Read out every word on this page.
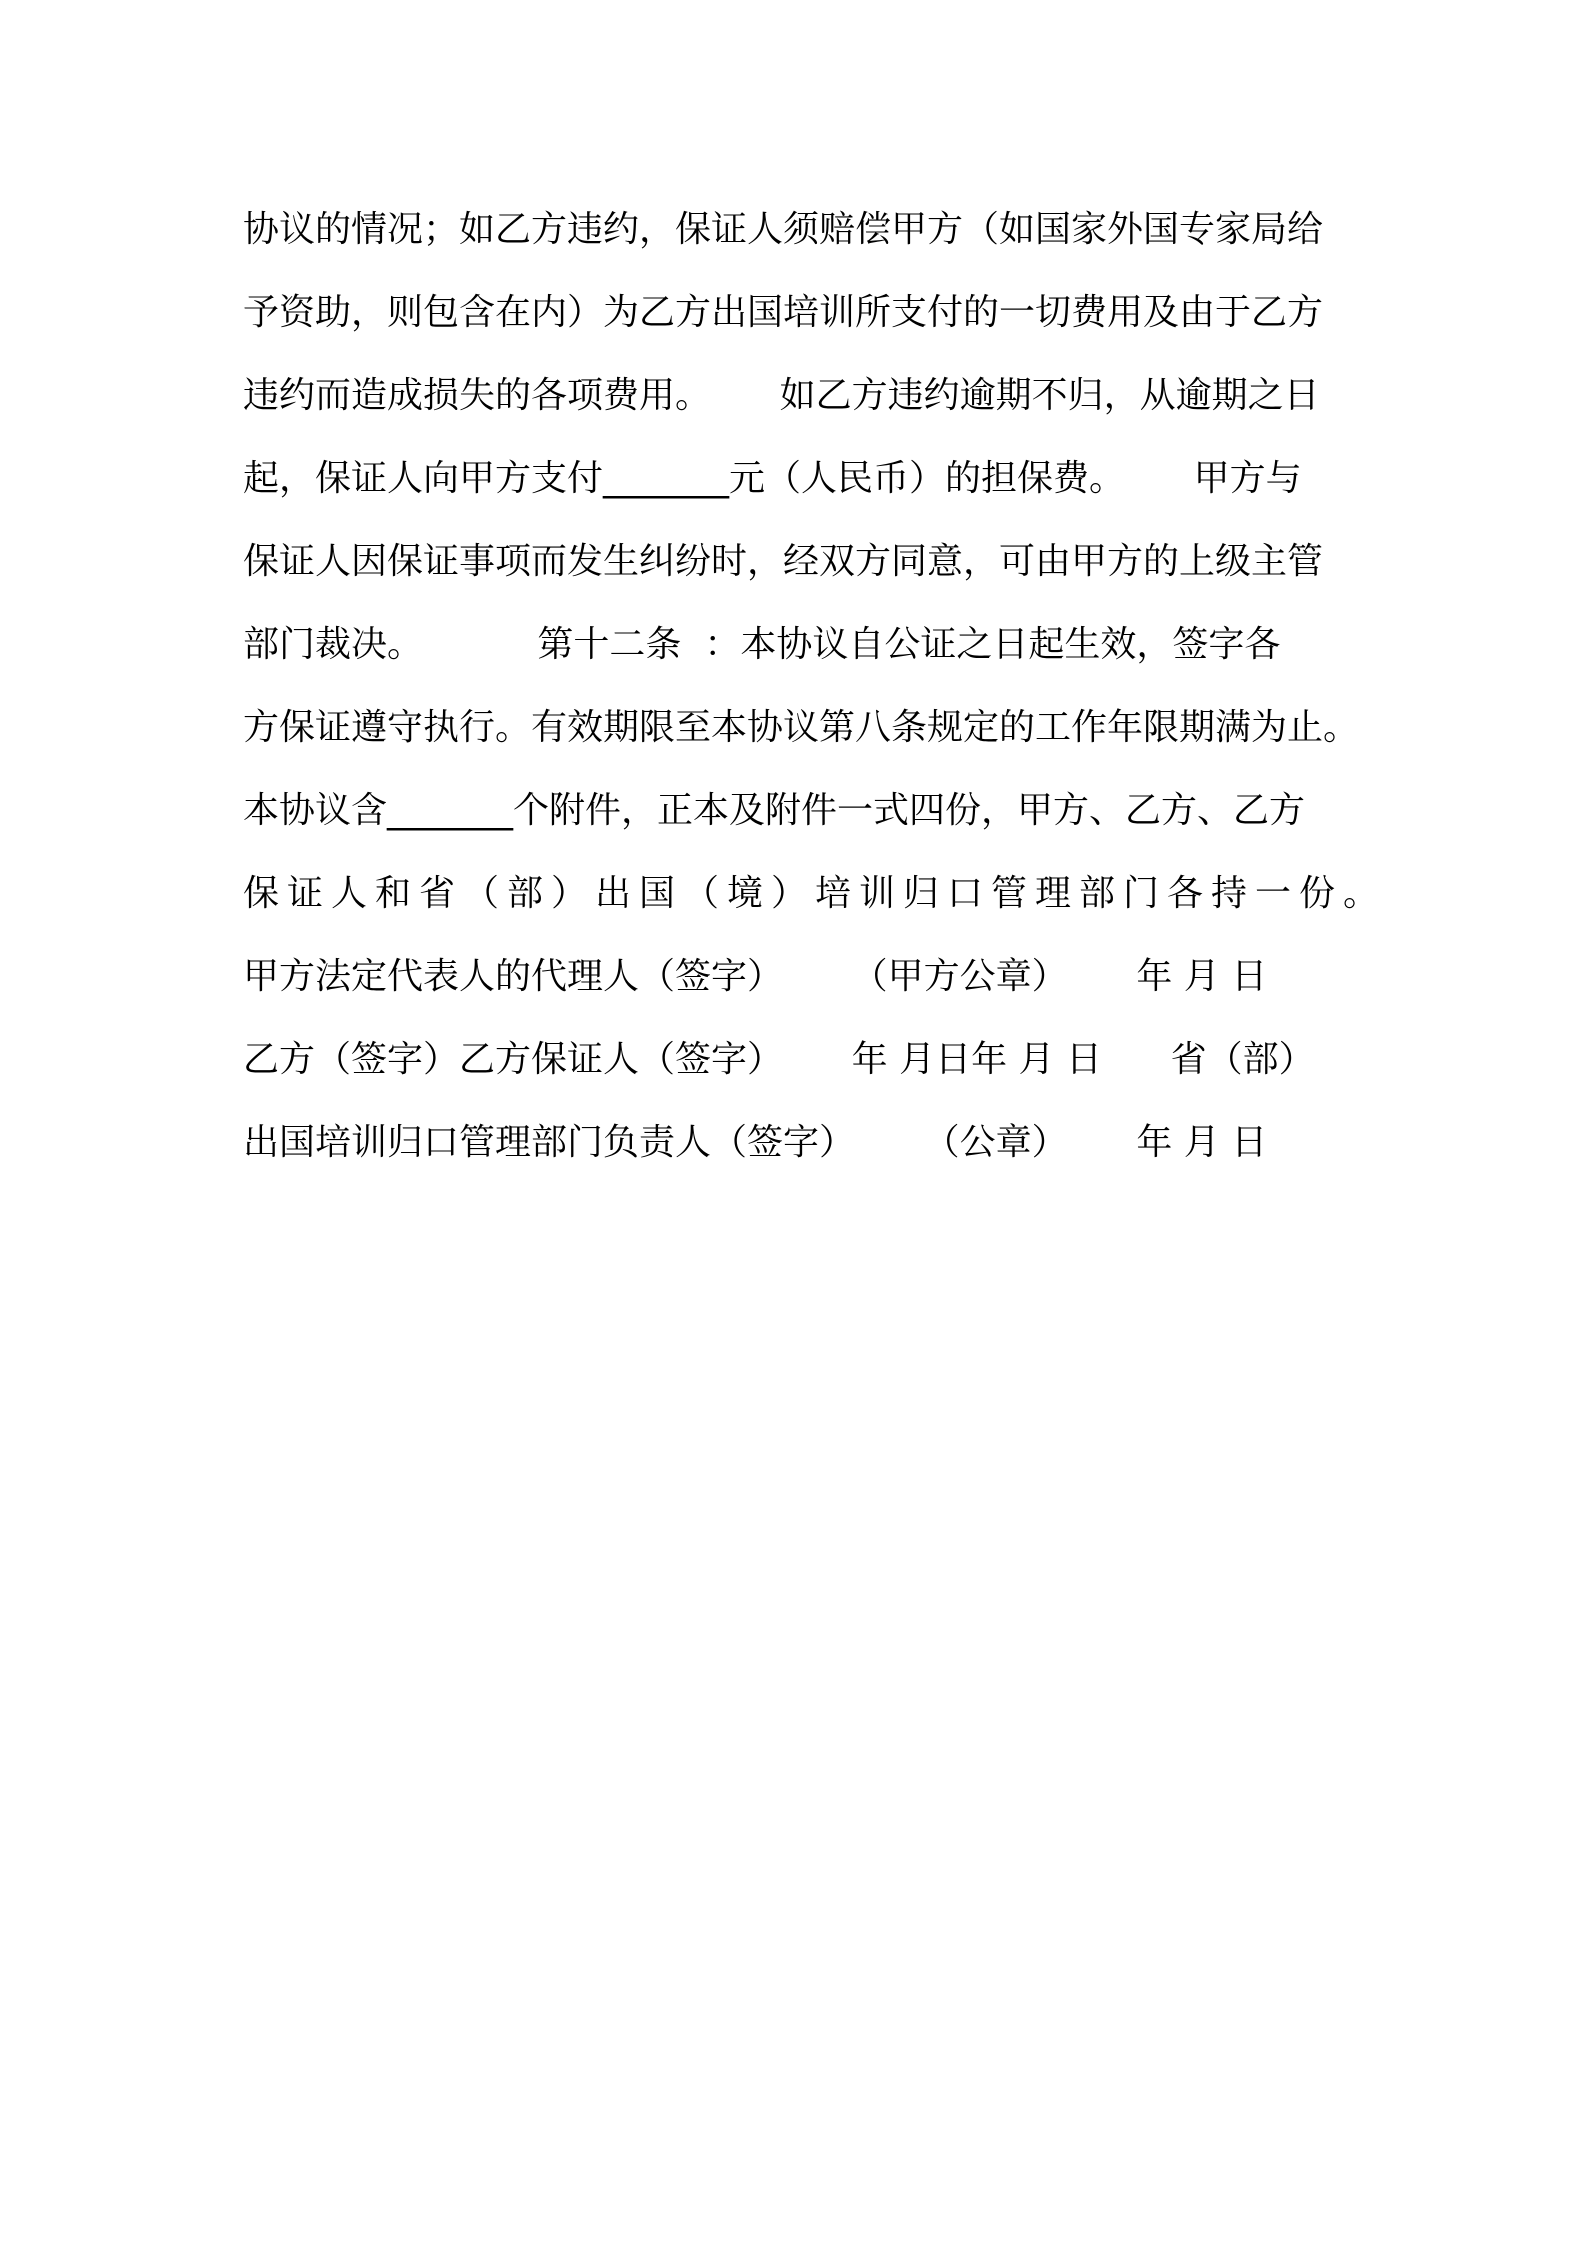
协议的情况；如乙方违约，保证人须赔偿甲方（如国家外国专家局给
予资助，则包含在内）为乙方出国培训所支付的一切费用及由于乙方
违约而造成损失的各项费用。      如乙方违约逾期不归，从逾期之日
起，保证人向甲方支付_______元（人民币）的担保费。      甲方与
保证人因保证事项而发生纠纷时，经双方同意，可由甲方的上级主管
部门裁决。          第十二条  ：本协议自公证之日起生效，签字各
方保证遵守执行。有效期限至本协议第八条规定的工作年限期满为止。
本协议含_______个附件，正本及附件一式四份，甲方、乙方、乙方
保证人和省（部）出国（境）培训归口管理部门各持一份。
甲方法定代表人的代理人（签字）      （甲方公章）      年 月 日
乙方（签字）乙方保证人（签字）      年 月日年 月 日      省（部）
出国培训归口管理部门负责人（签字）      （公章）      年 月 日
